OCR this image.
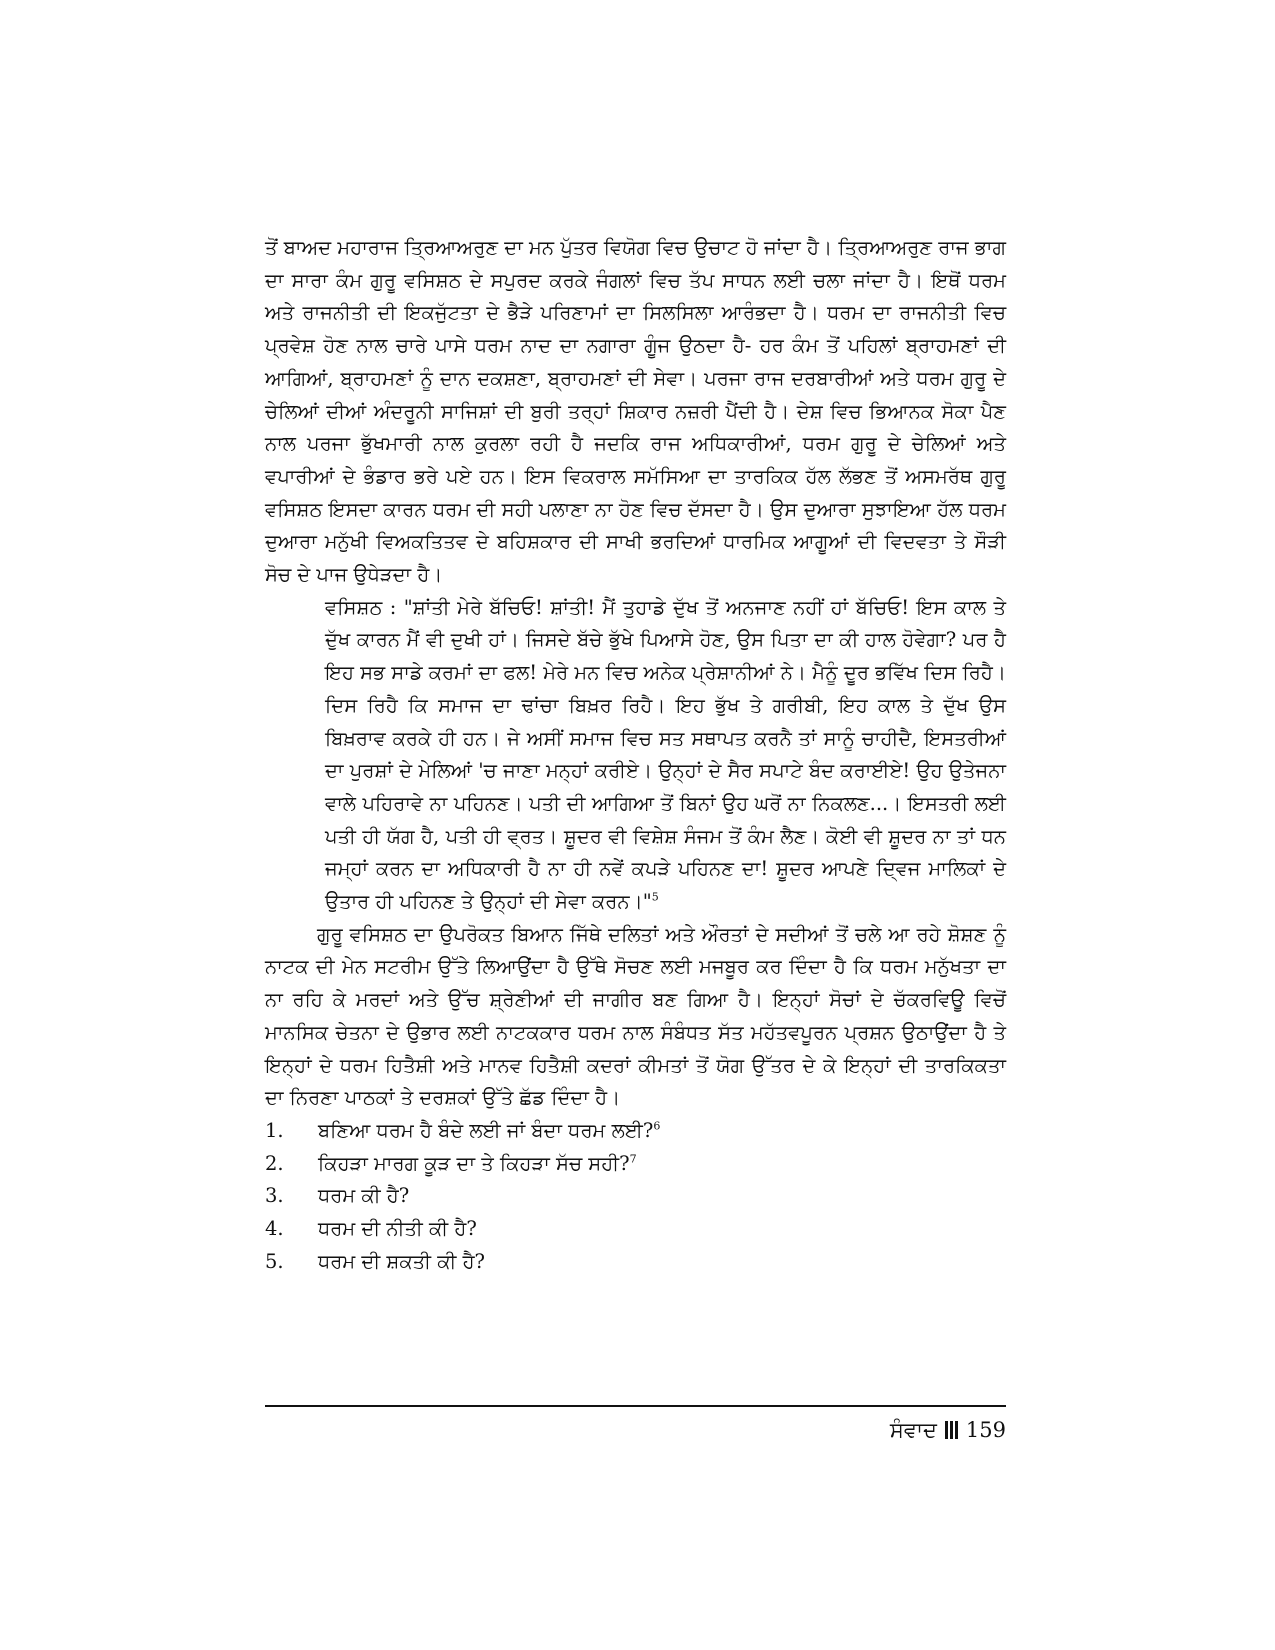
ਤੋਂ ਬਾਅਦ ਮਹਾਰਾਜ ਤ੍ਰਿਆਅਰੁਣ ਦਾ ਮਨ ਪੁੱਤਰ ਵਿਯੋਗ ਵਿਚ ਉਚਾਟ ਹੋ ਜਾਂਦਾ ਹੈ। ਤ੍ਰਿਆਅਰੁਣ ਰਾਜ ਭਾਗ ਦਾ ਸਾਰਾ ਕੰਮ ਗੁਰੂ ਵਸਿਸ਼ਠ ਦੇ ਸਪੁਰਦ ਕਰਕੇ ਜੰਗਲਾਂ ਵਿਚ ਤੱਪ ਸਾਧਨ ਲਈ ਚਲਾ ਜਾਂਦਾ ਹੈ। ਇਥੋਂ ਧਰਮ ਅਤੇ ਰਾਜਨੀਤੀ ਦੀ ਇਕਜੁੱਟਤਾ ਦੇ ਭੈੜੇ ਪਰਿਣਾਮਾਂ ਦਾ ਸਿਲਸਿਲਾ ਆਰੰਭਦਾ ਹੈ। ਧਰਮ ਦਾ ਰਾਜਨੀਤੀ ਵਿਚ ਪ੍ਰਵੇਸ਼ ਹੋਣ ਨਾਲ ਚਾਰੇ ਪਾਸੇ ਧਰਮ ਨਾਦ ਦਾ ਨਗਾਰਾ ਗੂੰਜ ਉਠਦਾ ਹੈ- ਹਰ ਕੰਮ ਤੋਂ ਪਹਿਲਾਂ ਬ੍ਰਾਹਮਣਾਂ ਦੀ ਆਗਿਆਂ, ਬ੍ਰਾਹਮਣਾਂ ਨੂੰ ਦਾਨ ਦਕਸ਼ਣਾ, ਬ੍ਰਾਹਮਣਾਂ ਦੀ ਸੇਵਾ। ਪਰਜਾ ਰਾਜ ਦਰਬਾਰੀਆਂ ਅਤੇ ਧਰਮ ਗੁਰੂ ਦੇ ਚੇਲਿਆਂ ਦੀਆਂ ਅੰਦਰੂਨੀ ਸਾਜਿਸ਼ਾਂ ਦੀ ਬੁਰੀ ਤਰ੍ਹਾਂ ਸ਼ਿਕਾਰ ਨਜ਼ਰੀ ਪੈਂਦੀ ਹੈ। ਦੇਸ਼ ਵਿਚ ਭਿਆਨਕ ਸੋਕਾ ਪੈਣ ਨਾਲ ਪਰਜਾ ਭੁੱਖਮਾਰੀ ਨਾਲ ਕੁਰਲਾ ਰਹੀ ਹੈ ਜਦਕਿ ਰਾਜ ਅਧਿਕਾਰੀਆਂ, ਧਰਮ ਗੁਰੂ ਦੇ ਚੇਲਿਆਂ ਅਤੇ ਵਪਾਰੀਆਂ ਦੇ ਭੰਡਾਰ ਭਰੇ ਪਏ ਹਨ। ਇਸ ਵਿਕਰਾਲ ਸਮੱਸਿਆ ਦਾ ਤਾਰਕਿਕ ਹੱਲ ਲੱਭਣ ਤੋਂ ਅਸਮਰੱਥ ਗੁਰੂ ਵਸਿਸ਼ਠ ਇਸਦਾ ਕਾਰਨ ਧਰਮ ਦੀ ਸਹੀ ਪਲਾਣਾ ਨਾ ਹੋਣ ਵਿਚ ਦੱਸਦਾ ਹੈ। ਉਸ ਦੁਆਰਾ ਸੁਝਾਇਆ ਹੱਲ ਧਰਮ ਦੁਆਰਾ ਮਨੁੱਖੀ ਵਿਅਕਤਿਤਵ ਦੇ ਬਹਿਸ਼ਕਾਰ ਦੀ ਸਾਖੀ ਭਰਦਿਆਂ ਧਾਰਮਿਕ ਆਗੂਆਂ ਦੀ ਵਿਦਵਤਾ ਤੇ ਸੌੜੀ ਸੋਚ ਦੇ ਪਾਜ ਉਧੇੜਦਾ ਹੈ।

ਵਸਿਸ਼ਠ : "ਸ਼ਾਂਤੀ ਮੇਰੇ ਬੱਚਿਓ! ਸ਼ਾਂਤੀ! ਮੈਂ ਤੁਹਾਡੇ ਦੁੱਖ ਤੋਂ ਅਨਜਾਣ ਨਹੀਂ ਹਾਂ ਬੱਚਿਓ! ਇਸ ਕਾਲ ਤੇ ਦੁੱਖ ਕਾਰਨ ਮੈਂ ਵੀ ਦੁਖੀ ਹਾਂ। ਜਿਸਦੇ ਬੱਚੇ ਭੁੱਖੇ ਪਿਆਸੇ ਹੋਣ, ਉਸ ਪਿਤਾ ਦਾ ਕੀ ਹਾਲ ਹੋਵੇਗਾ? ਪਰ ਹੈ ਇਹ ਸਭ ਸਾਡੇ ਕਰਮਾਂ ਦਾ ਫਲ! ਮੇਰੇ ਮਨ ਵਿਚ ਅਨੇਕ ਪ੍ਰੇਸ਼ਾਨੀਆਂ ਨੇ। ਮੈਨੂੰ ਦੂਰ ਭਵਿੱਖ ਦਿਸ ਰਿਹੈ। ਦਿਸ ਰਿਹੈ ਕਿ ਸਮਾਜ ਦਾ ਢਾਂਚਾ ਬਿਖ਼ਰ ਰਿਹੈ। ਇਹ ਭੁੱਖ ਤੇ ਗਰੀਬੀ, ਇਹ ਕਾਲ ਤੇ ਦੁੱਖ ਉਸ ਬਿਖ਼ਰਾਵ ਕਰਕੇ ਹੀ ਹਨ। ਜੇ ਅਸੀਂ ਸਮਾਜ ਵਿਚ ਸਤ ਸਥਾਪਤ ਕਰਨੈ ਤਾਂ ਸਾਨੂੰ ਚਾਹੀਦੈ, ਇਸਤਰੀਆਂ ਦਾ ਪੁਰਸ਼ਾਂ ਦੇ ਮੇਲਿਆਂ 'ਚ ਜਾਣਾ ਮਨ੍ਹਾਂ ਕਰੀਏ। ਉਨ੍ਹਾਂ ਦੇ ਸੈਰ ਸਪਾਟੇ ਬੰਦ ਕਰਾਈਏ! ਉਹ ਉਤੇਜਨਾ ਵਾਲੇ ਪਹਿਰਾਵੇ ਨਾ ਪਹਿਨਣ। ਪਤੀ ਦੀ ਆਗਿਆ ਤੋਂ ਬਿਨਾਂ ਉਹ ਘਰੋਂ ਨਾ ਨਿਕਲਣ...। ਇਸਤਰੀ ਲਈ ਪਤੀ ਹੀ ਯੱਗ ਹੈ, ਪਤੀ ਹੀ ਵ੍ਰਤ। ਸ਼ੂਦਰ ਵੀ ਵਿਸ਼ੇਸ਼ ਸੰਜਮ ਤੋਂ ਕੰਮ ਲੈਣ। ਕੋਈ ਵੀ ਸ਼ੂਦਰ ਨਾ ਤਾਂ ਧਨ ਜਮ੍ਹਾਂ ਕਰਨ ਦਾ ਅਧਿਕਾਰੀ ਹੈ ਨਾ ਹੀ ਨਵੇਂ ਕਪੜੇ ਪਹਿਨਣ ਦਾ! ਸ਼ੂਦਰ ਆਪਣੇ ਦ੍ਵਿਜ ਮਾਲਿਕਾਂ ਦੇ ਉਤਾਰ ਹੀ ਪਹਿਨਣ ਤੇ ਉਨ੍ਹਾਂ ਦੀ ਸੇਵਾ ਕਰਨ।"$^5$

ਗੁਰੂ ਵਸਿਸ਼ਠ ਦਾ ਉਪਰੋਕਤ ਬਿਆਨ ਜਿੱਥੇ ਦਲਿਤਾਂ ਅਤੇ ਔਰਤਾਂ ਦੇ ਸਦੀਆਂ ਤੋਂ ਚਲੇ ਆ ਰਹੇ ਸ਼ੋਸ਼ਣ ਨੂੰ ਨਾਟਕ ਦੀ ਮੇਨ ਸਟਰੀਮ ਉੱਤੇ ਲਿਆਉਂਦਾ ਹੈ ਉੱਥੇ ਸੋਚਣ ਲਈ ਮਜਬੂਰ ਕਰ ਦਿੰਦਾ ਹੈ ਕਿ ਧਰਮ ਮਨੁੱਖਤਾ ਦਾ ਨਾ ਰਹਿ ਕੇ ਮਰਦਾਂ ਅਤੇ ਉੱਚ ਸ਼੍ਰੇਣੀਆਂ ਦੀ ਜਾਗੀਰ ਬਣ ਗਿਆ ਹੈ। ਇਨ੍ਹਾਂ ਸੋਚਾਂ ਦੇ ਚੱਕਰਵਿਊ ਵਿਚੋਂ ਮਾਨਸਿਕ ਚੇਤਨਾ ਦੇ ਉਭਾਰ ਲਈ ਨਾਟਕਕਾਰ ਧਰਮ ਨਾਲ ਸੰਬੰਧਤ ਸੱਤ ਮਹੱਤਵਪੂਰਨ ਪ੍ਰਸ਼ਨ ਉਠਾਉਂਦਾ ਹੈ ਤੇ ਇਨ੍ਹਾਂ ਦੇ ਧਰਮ ਹਿਤੈਸ਼ੀ ਅਤੇ ਮਾਨਵ ਹਿਤੈਸ਼ੀ ਕਦਰਾਂ ਕੀਮਤਾਂ ਤੋਂ ਯੋਗ ਉੱਤਰ ਦੇ ਕੇ ਇਨ੍ਹਾਂ ਦੀ ਤਾਰਕਿਕਤਾ ਦਾ ਨਿਰਣਾ ਪਾਠਕਾਂ ਤੇ ਦਰਸ਼ਕਾਂ ਉੱਤੇ ਛੱਡ ਦਿੰਦਾ ਹੈ।

1.	ਬਣਿਆ ਧਰਮ ਹੈ ਬੰਦੇ ਲਈ ਜਾਂ ਬੰਦਾ ਧਰਮ ਲਈ?$^6$
2.	ਕਿਹੜਾ ਮਾਰਗ ਕੂੜ ਦਾ ਤੇ ਕਿਹੜਾ ਸੱਚ ਸਹੀ?$^7$
3.	ਧਰਮ ਕੀ ਹੈ?
4.	ਧਰਮ ਦੀ ਨੀਤੀ ਕੀ ਹੈ?
5.	ਧਰਮ ਦੀ ਸ਼ਕਤੀ ਕੀ ਹੈ?
ਸੰਵਾਦ 159
